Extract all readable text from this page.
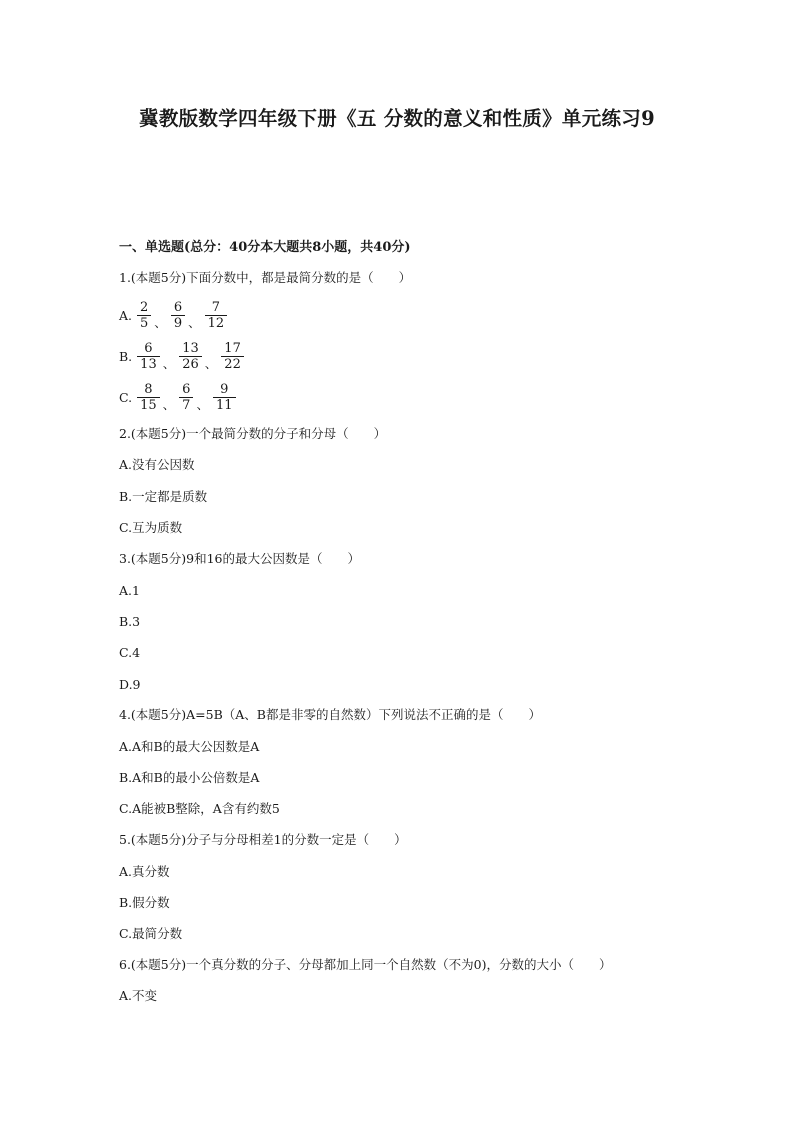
冀教版数学四年级下册《五 分数的意义和性质》单元练习9
一、单选题(总分：40分本大题共8小题，共40分)
1.(本题5分)下面分数中，都是最简分数的是（　　）
A. $\frac{2}{5}$ 、 $\frac{6}{9}$ 、 $\frac{7}{12}$
B. $\frac{6}{13}$ 、 $\frac{13}{26}$ 、 $\frac{17}{22}$
C. $\frac{8}{15}$ 、 $\frac{6}{7}$ 、 $\frac{9}{11}$
2.(本题5分)一个最简分数的分子和分母（　　）
A.没有公因数
B.一定都是质数
C.互为质数
3.(本题5分)9和16的最大公因数是（　　）
A.1
B.3
C.4
D.9
4.(本题5分)A=5B（A、B都是非零的自然数）下列说法不正确的是（　　）
A.A和B的最大公因数是A
B.A和B的最小公倍数是A
C.A能被B整除，A含有约数5
5.(本题5分)分子与分母相差1的分数一定是（　　）
A.真分数
B.假分数
C.最简分数
6.(本题5分)一个真分数的分子、分母都加上同一个自然数（不为0)，分数的大小（　　）
A.不变
